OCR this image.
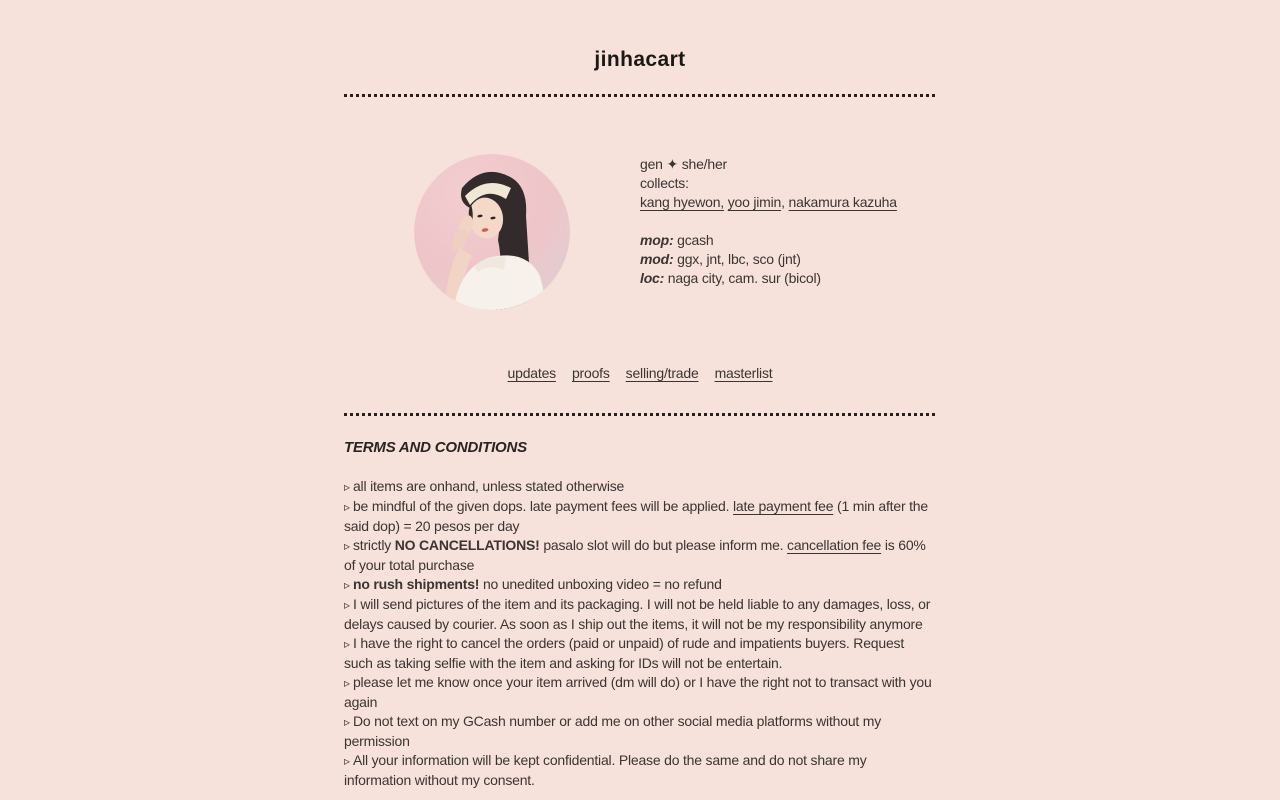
jinhacart
gen ✦ she/her
collects:
kang hyewon, yoo jimin, nakamura kazuha
mop: gcash
mod: ggx, jnt, lbc, sco (jnt)
loc: naga city, cam. sur (bicol)
updates proofs selling/trade masterlist
TERMS AND CONDITIONS
▹ all items are onhand, unless stated otherwise
▹ be mindful of the given dops. late payment fees will be applied. late payment fee (1 min after the said dop) = 20 pesos per day
▹ strictly NO CANCELLATIONS! pasalo slot will do but please inform me. cancellation fee is 60% of your total purchase
▹ no rush shipments! no unedited unboxing video = no refund
▹ I will send pictures of the item and its packaging. I will not be held liable to any damages, loss, or delays caused by courier. As soon as I ship out the items, it will not be my responsibility anymore
▹ I have the right to cancel the orders (paid or unpaid) of rude and impatients buyers. Request such as taking selfie with the item and asking for IDs will not be entertain.
▹ please let me know once your item arrived (dm will do) or I have the right not to transact with you again
▹ Do not text on my GCash number or add me on other social media platforms without my permission
▹ All your information will be kept confidential. Please do the same and do not share my information without my consent.
